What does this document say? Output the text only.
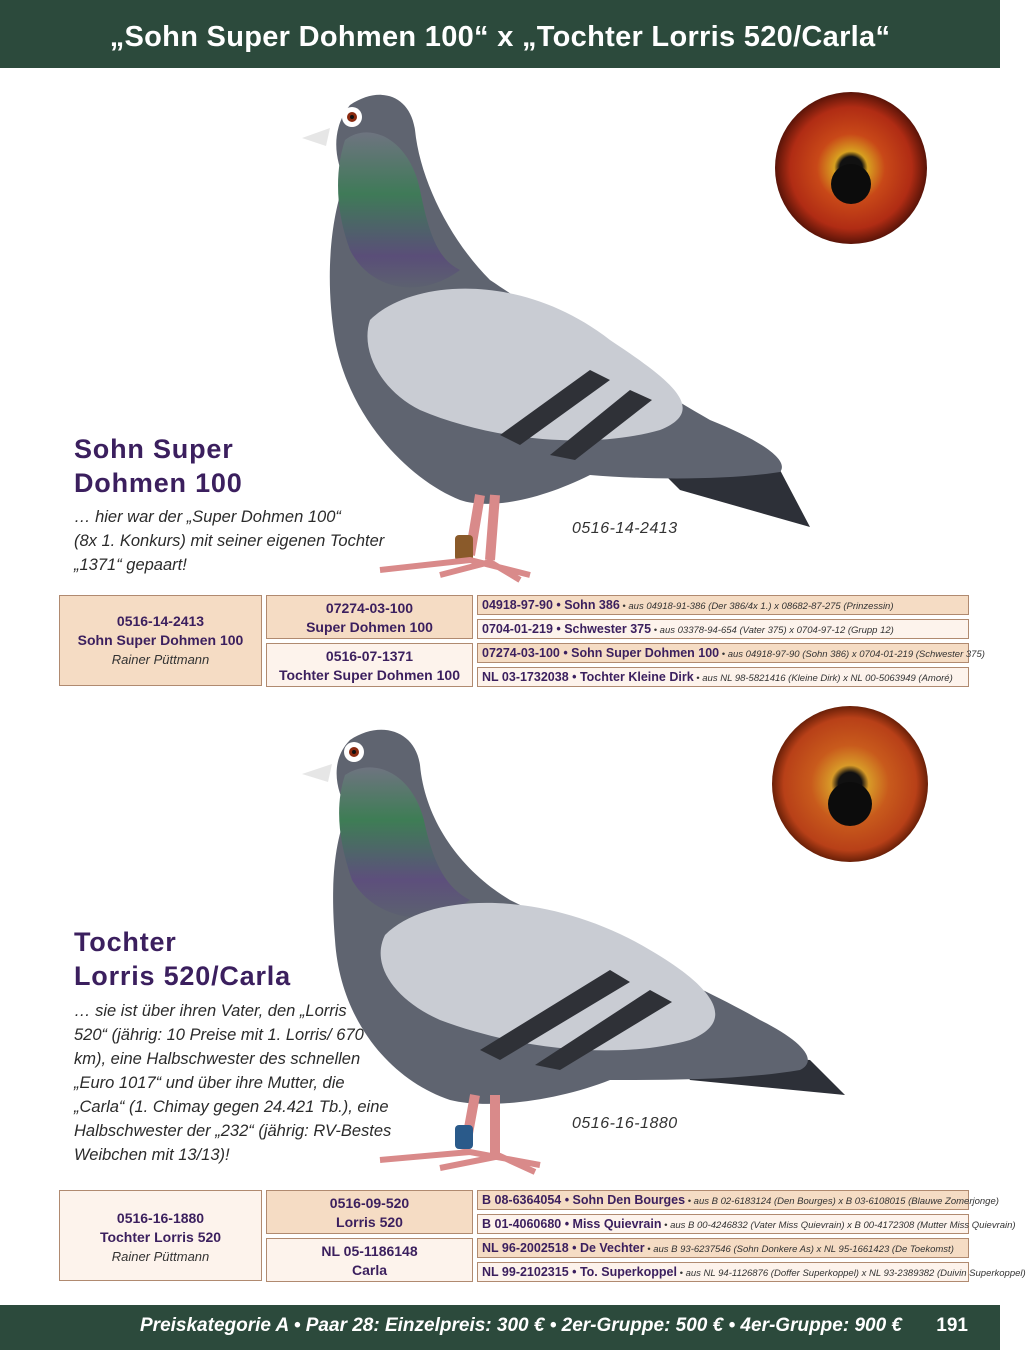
„Sohn Super Dohmen 100“ x „Tochter Lorris 520/Carla“
Sohn Super
Dohmen 100
… hier war der „Super Dohmen 100“
(8x 1. Konkurs) mit seiner eigenen Tochter
„1371“ gepaart!
0516-14-2413
0516-14-2413
Sohn Super Dohmen 100
Rainer Püttmann
07274-03-100
Super Dohmen 100
0516-07-1371
Tochter Super Dohmen 100
04918-97-90 • Sohn 386 • aus 04918-91-386 (Der 386/4x 1.) x 08682-87-275 (Prinzessin)
0704-01-219 • Schwester 375 • aus 03378-94-654 (Vater 375) x 0704-97-12 (Grupp 12)
07274-03-100 • Sohn Super Dohmen 100 • aus 04918-97-90 (Sohn 386) x 0704-01-219 (Schwester 375)
NL 03-1732038 • Tochter Kleine Dirk • aus NL 98-5821416 (Kleine Dirk) x NL 00-5063949 (Amoré)
Tochter
Lorris 520/Carla
… sie ist über ihren Vater, den „Lorris
520“ (jährig: 10 Preise mit 1. Lorris/ 670
km), eine Halbschwester des schnellen
„Euro 1017“ und über ihre Mutter, die
„Carla“ (1. Chimay gegen 24.421 Tb.), eine
Halbschwester der „232“ (jährig: RV-Bestes
Weibchen mit 13/13)!
0516-16-1880
0516-16-1880
Tochter Lorris 520
Rainer Püttmann
0516-09-520
Lorris 520
NL 05-1186148
Carla
B 08-6364054 • Sohn Den Bourges • aus B 02-6183124 (Den Bourges) x B 03-6108015 (Blauwe Zomerjonge)
B 01-4060680 • Miss Quievrain • aus B 00-4246832 (Vater Miss Quievrain) x B 00-4172308 (Mutter Miss Quievrain)
NL 96-2002518 • De Vechter • aus B 93-6237546 (Sohn Donkere As) x NL 95-1661423 (De Toekomst)
NL 99-2102315 • To. Superkoppel • aus NL 94-1126876 (Doffer Superkoppel) x NL 93-2389382 (Duivin Superkoppel)
Preiskategorie A • Paar 28: Einzelpreis: 300 € • 2er-Gruppe: 500 € • 4er-Gruppe: 900 € 191
